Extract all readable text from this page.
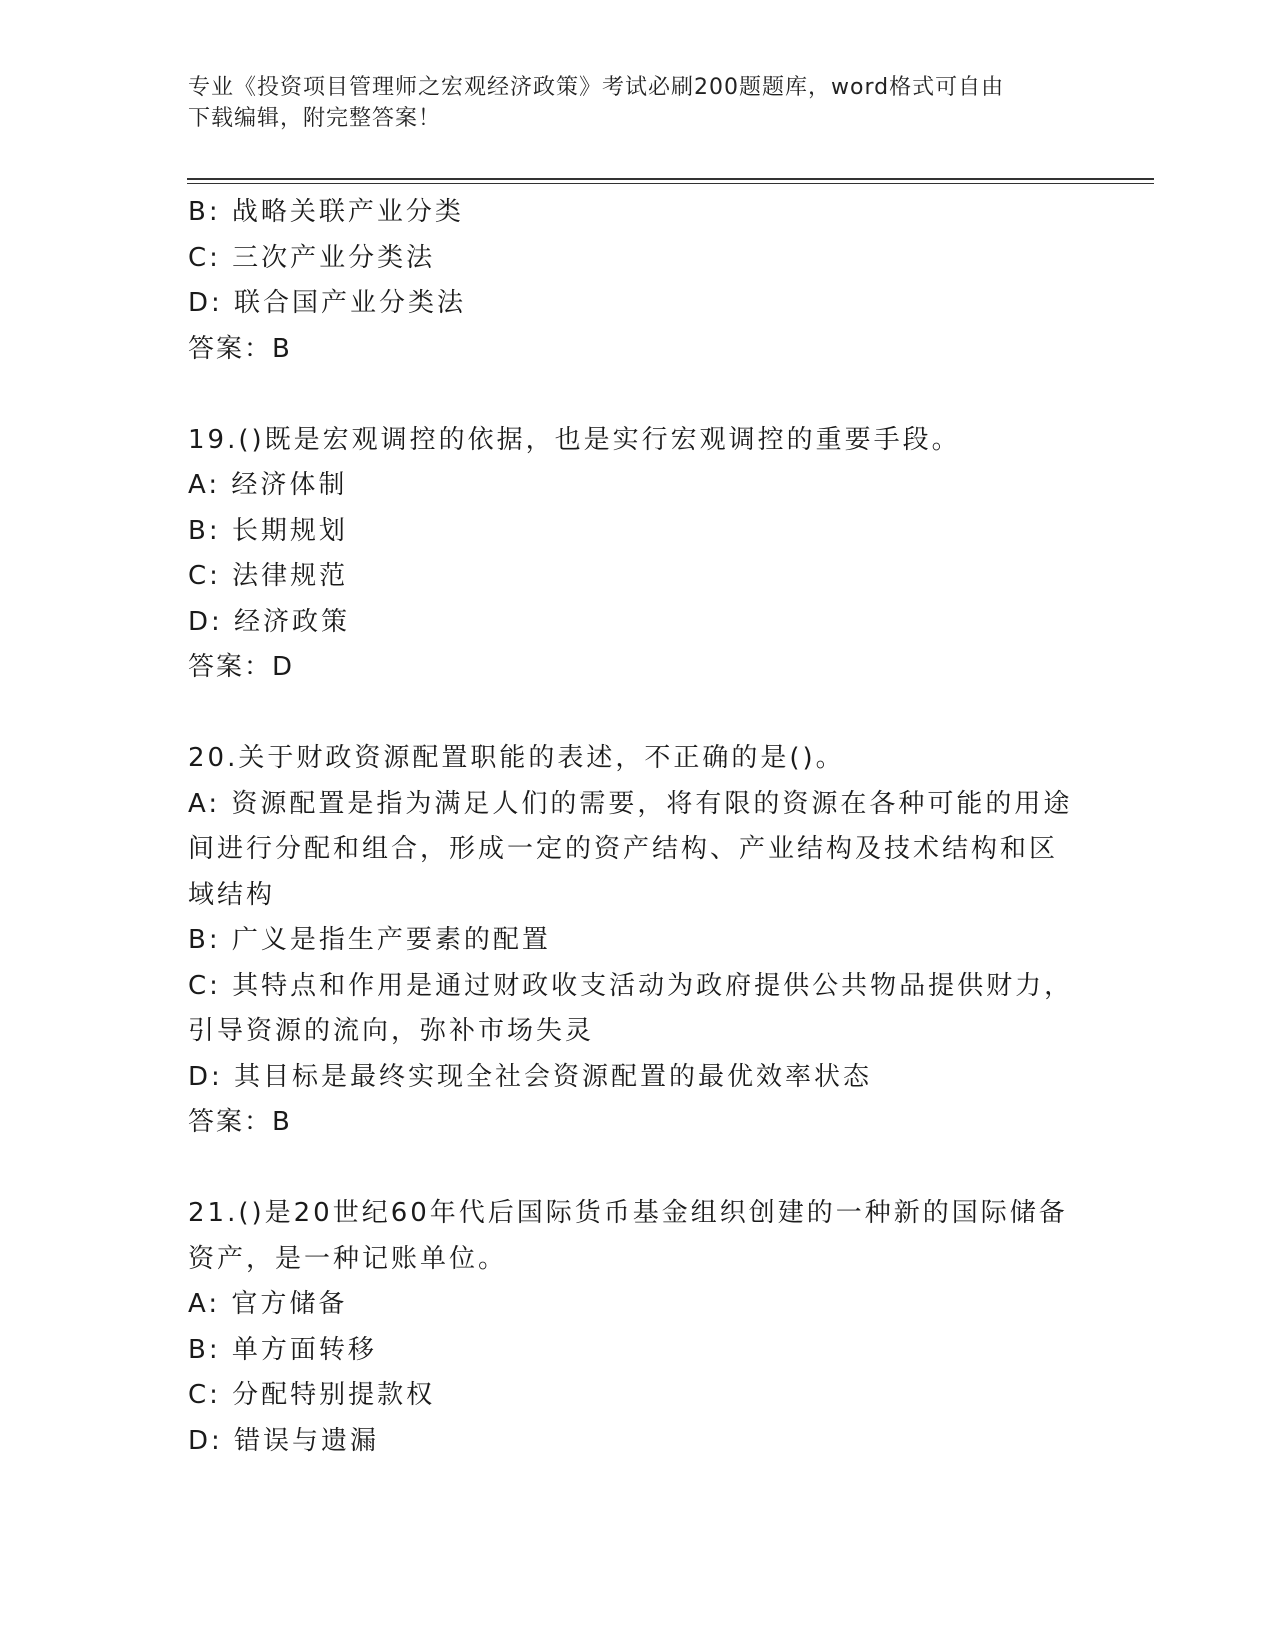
专业《投资项目管理师之宏观经济政策》考试必刷200题题库，word格式可自由
下载编辑，附完整答案！
B: 战略关联产业分类
C: 三次产业分类法
D: 联合国产业分类法
答案：B
19.()既是宏观调控的依据，也是实行宏观调控的重要手段。
A: 经济体制
B: 长期规划
C: 法律规范
D: 经济政策
答案：D
20.关于财政资源配置职能的表述，不正确的是()。
A: 资源配置是指为满足人们的需要，将有限的资源在各种可能的用途
间进行分配和组合，形成一定的资产结构、产业结构及技术结构和区
域结构
B: 广义是指生产要素的配置
C: 其特点和作用是通过财政收支活动为政府提供公共物品提供财力，
引导资源的流向，弥补市场失灵
D: 其目标是最终实现全社会资源配置的最优效率状态
答案：B
21.()是20世纪60年代后国际货币基金组织创建的一种新的国际储备
资产，是一种记账单位。
A: 官方储备
B: 单方面转移
C: 分配特别提款权
D: 错误与遗漏
